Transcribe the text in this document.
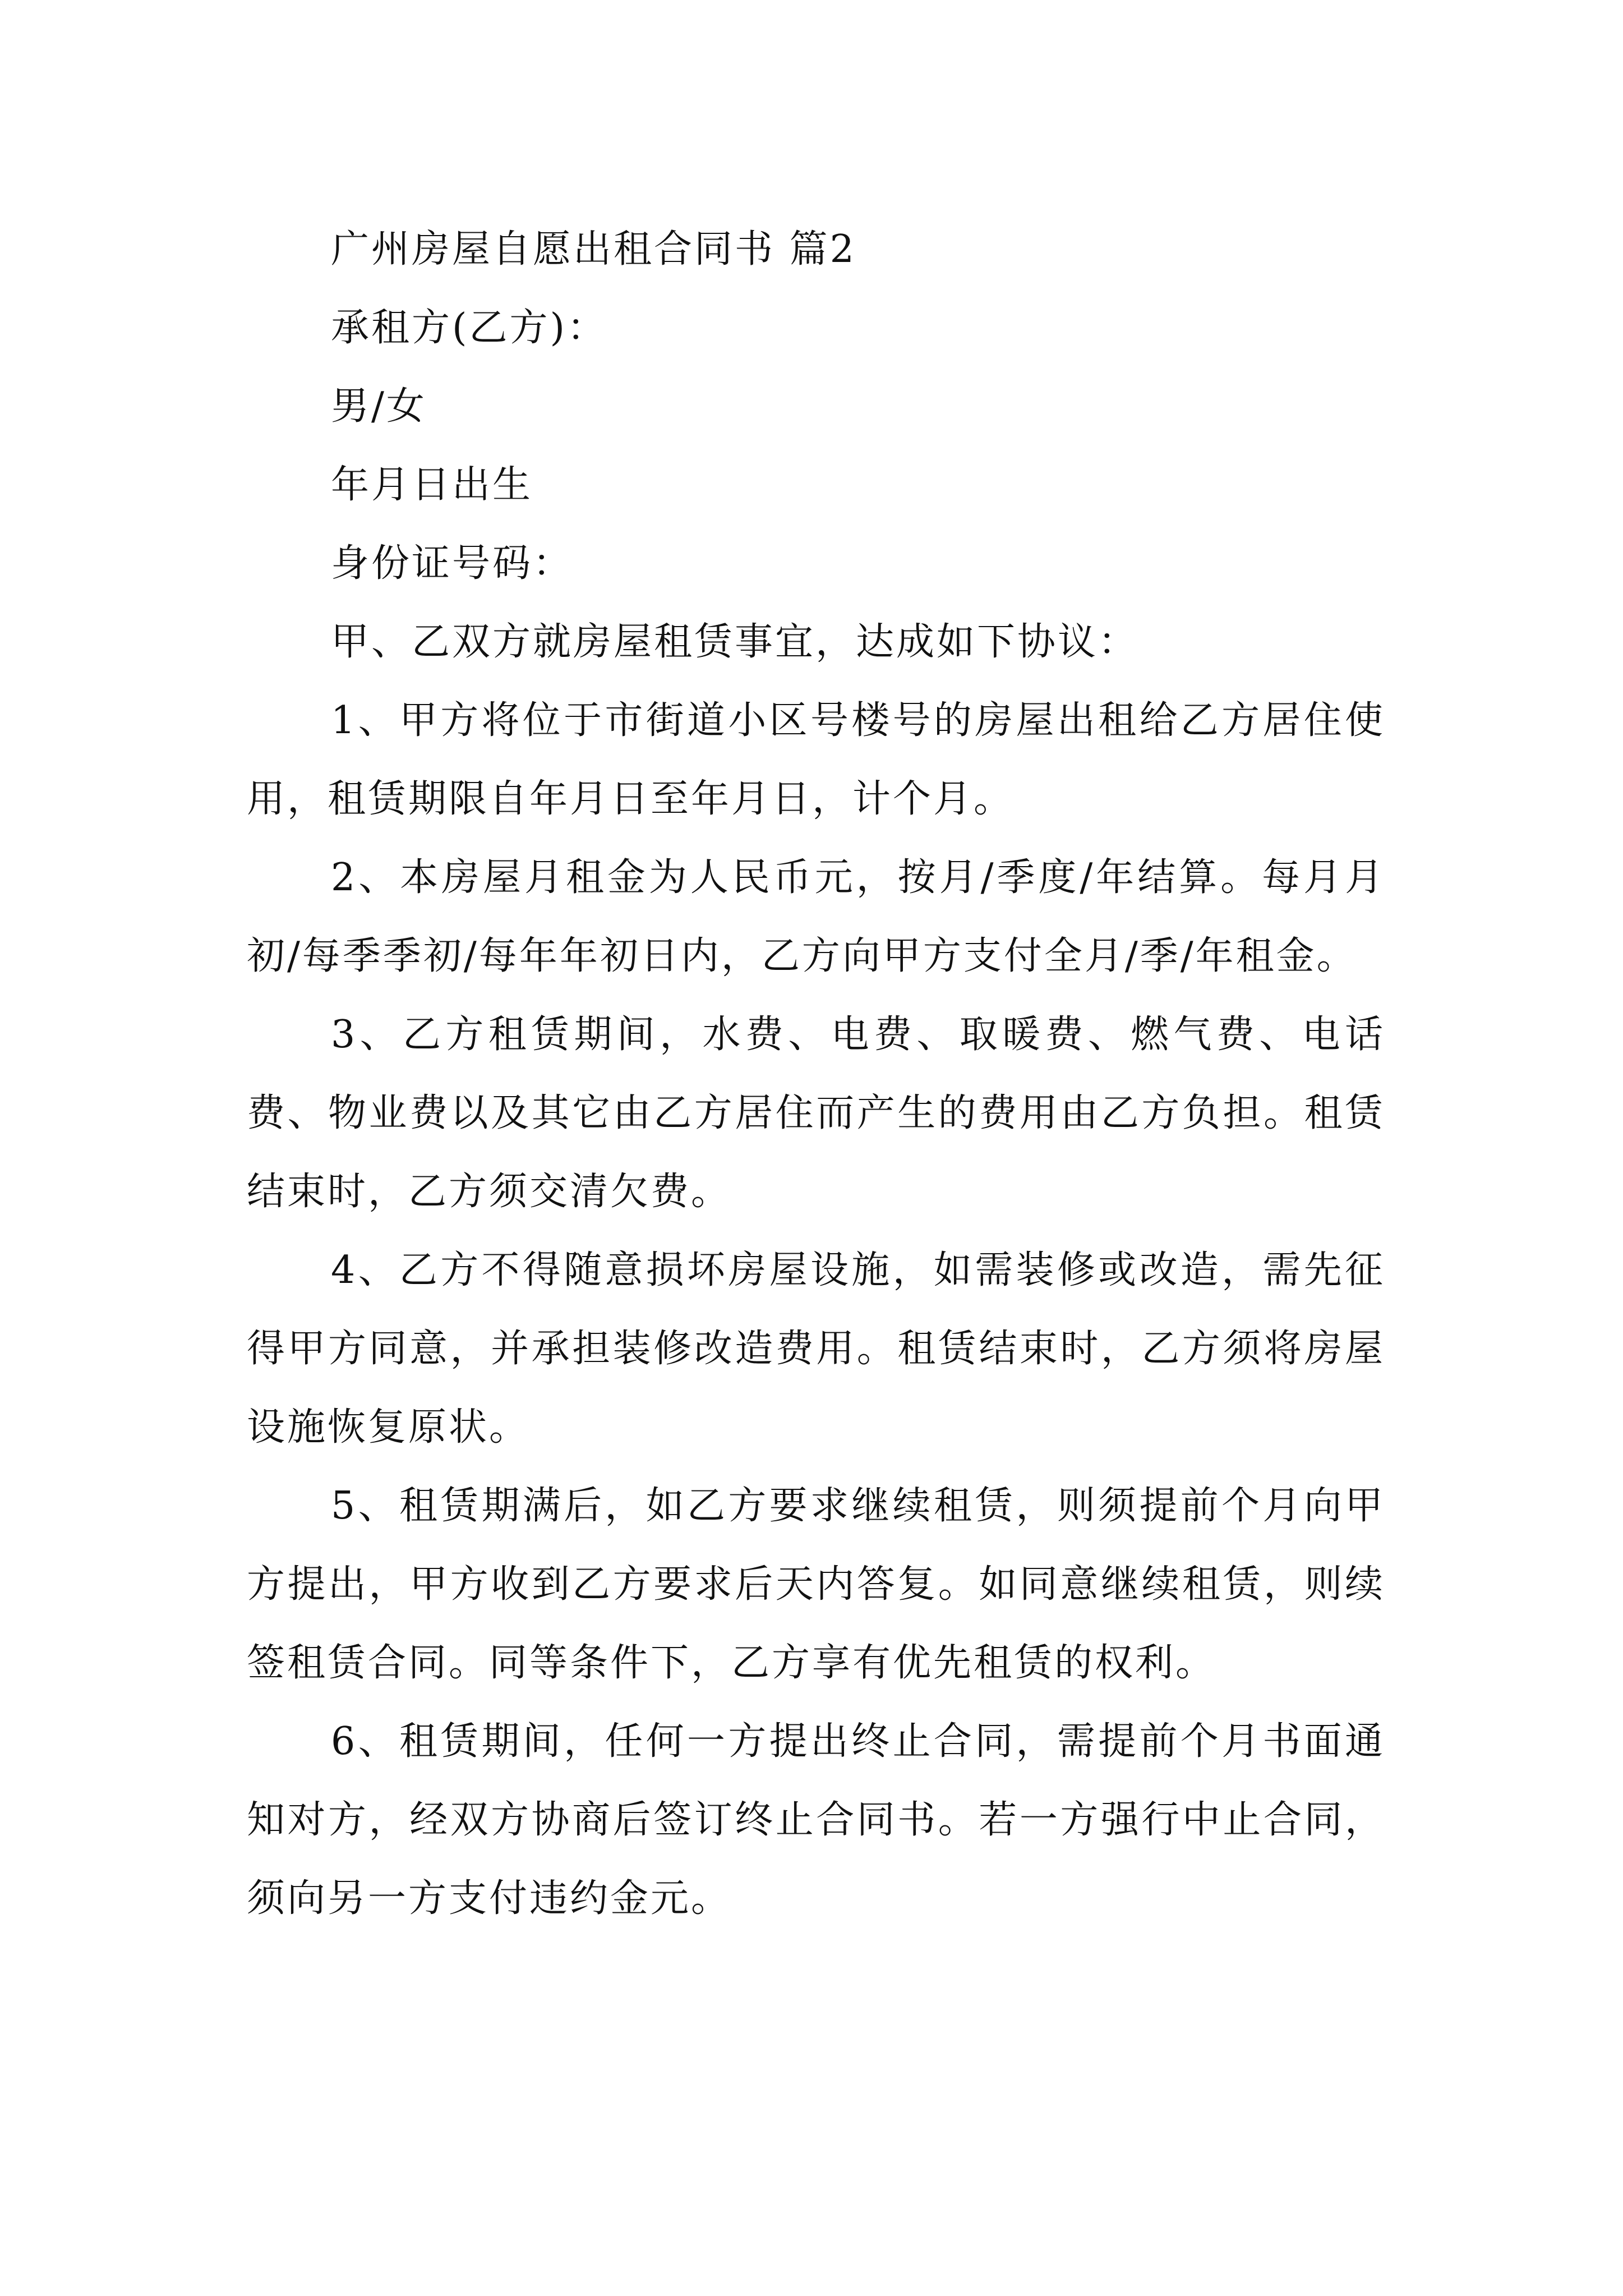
广州房屋自愿出租合同书 篇2

承租方(乙方)：

男/女

年月日出生

身份证号码：

甲、乙双方就房屋租赁事宜，达成如下协议：

1、甲方将位于市街道小区号楼号的房屋出租给乙方居住使用，租赁期限自年月日至年月日，计个月。

2、本房屋月租金为人民币元，按月/季度/年结算。每月月初/每季季初/每年年初日内，乙方向甲方支付全月/季/年租金。

3、乙方租赁期间，水费、电费、取暖费、燃气费、电话费、物业费以及其它由乙方居住而产生的费用由乙方负担。租赁结束时，乙方须交清欠费。

4、乙方不得随意损坏房屋设施，如需装修或改造，需先征得甲方同意，并承担装修改造费用。租赁结束时，乙方须将房屋设施恢复原状。

5、租赁期满后，如乙方要求继续租赁，则须提前个月向甲方提出，甲方收到乙方要求后天内答复。如同意继续租赁，则续签租赁合同。同等条件下，乙方享有优先租赁的权利。

6、租赁期间，任何一方提出终止合同，需提前个月书面通知对方，经双方协商后签订终止合同书。若一方强行中止合同，须向另一方支付违约金元。
